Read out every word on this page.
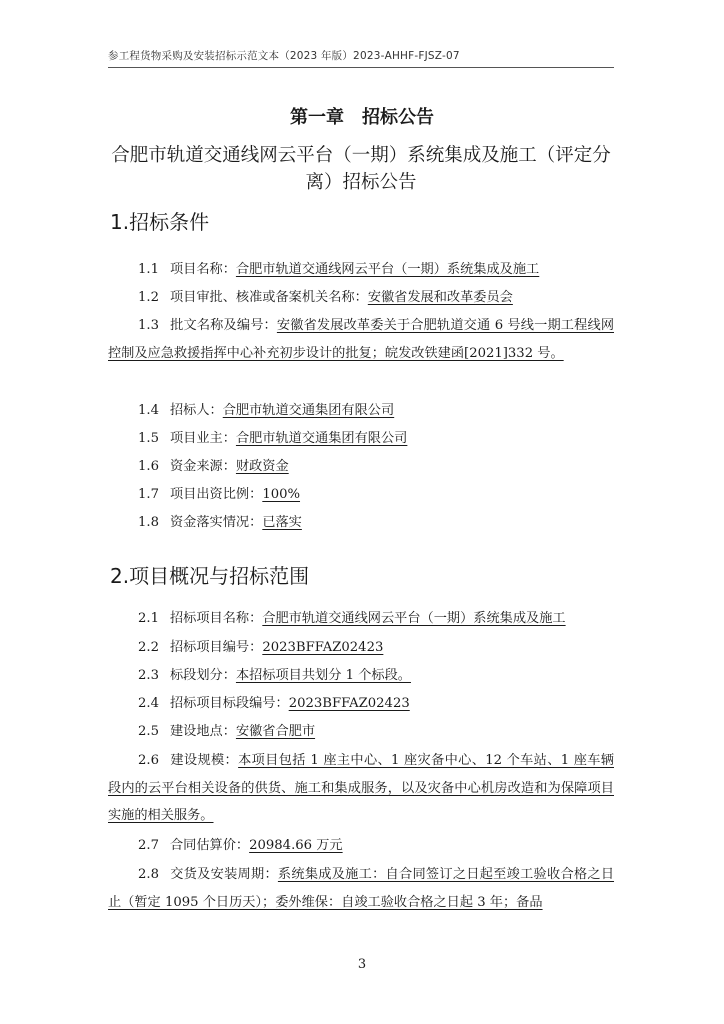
参工程货物采购及安装招标示范文本（2023 年版）2023-AHHF-FJSZ-07
第一章　招标公告
合肥市轨道交通线网云平台（一期）系统集成及施工（评定分离）招标公告
1.招标条件
1.1 项目名称：合肥市轨道交通线网云平台（一期）系统集成及施工
1.2 项目审批、核准或备案机关名称：安徽省发展和改革委员会
1.3 批文名称及编号：安徽省发展改革委关于合肥轨道交通 6 号线一期工程线网控制及应急救援指挥中心补充初步设计的批复；皖发改铁建函[2021]332 号。
1.4 招标人：合肥市轨道交通集团有限公司
1.5 项目业主：合肥市轨道交通集团有限公司
1.6 资金来源：财政资金
1.7 项目出资比例：100%
1.8 资金落实情况：已落实
2.项目概况与招标范围
2.1 招标项目名称：合肥市轨道交通线网云平台（一期）系统集成及施工
2.2 招标项目编号：2023BFFAZ02423
2.3 标段划分：本招标项目共划分 1 个标段。
2.4 招标项目标段编号：2023BFFAZ02423
2.5 建设地点：安徽省合肥市
2.6 建设规模：本项目包括 1 座主中心、1 座灾备中心、12 个车站、1 座车辆段内的云平台相关设备的供货、施工和集成服务，以及灾备中心机房改造和为保障项目实施的相关服务。
2.7 合同估算价：20984.66 万元
2.8 交货及安装周期：系统集成及施工：自合同签订之日起至竣工验收合格之日止（暂定 1095 个日历天）；委外维保：自竣工验收合格之日起 3 年；备品
3
